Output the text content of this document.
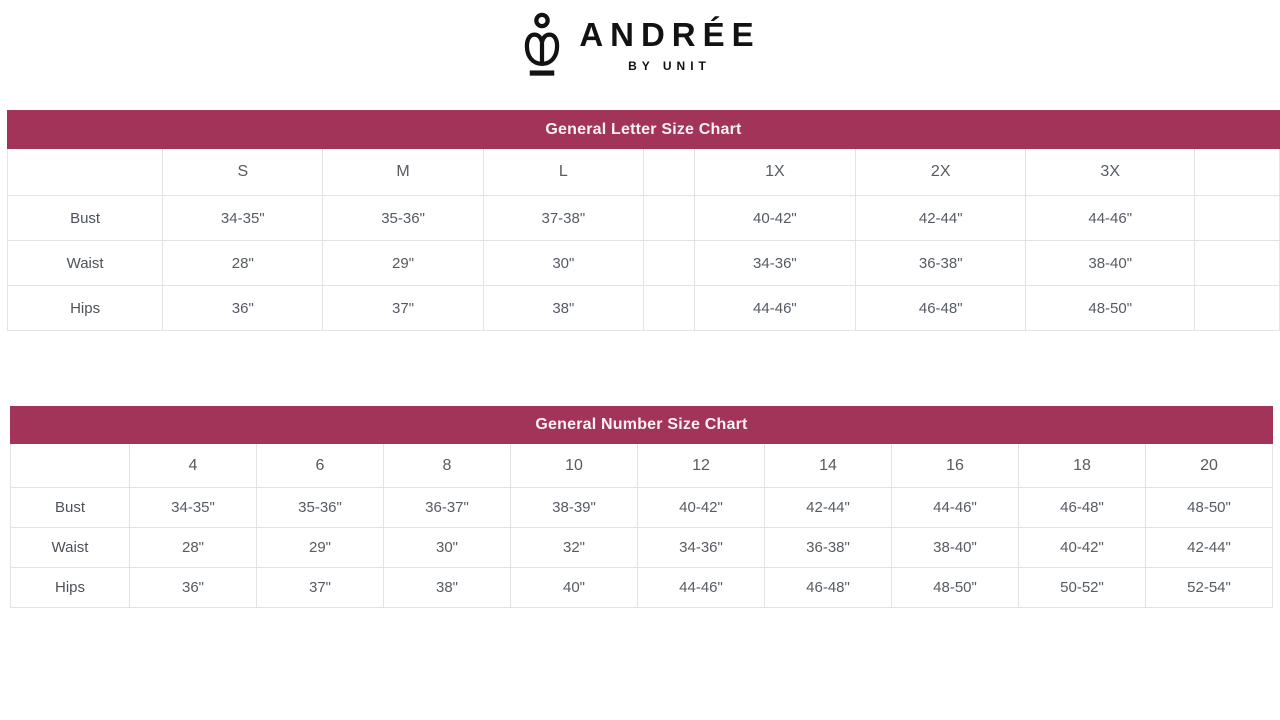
ANDRÉE
BY UNIT
General Letter Size Chart								
	S	M	L		1X	2X	3X	
Bust	34-35"	35-36"	37-38"		40-42"	42-44"	44-46"	
Waist	28"	29"	30"		34-36"	36-38"	38-40"	
Hips	36"	37"	38"		44-46"	46-48"	48-50"	
General Number Size Chart									
	4	6	8	10	12	14	16	18	20
Bust	34-35"	35-36"	36-37"	38-39"	40-42"	42-44"	44-46"	46-48"	48-50"
Waist	28"	29"	30"	32"	34-36"	36-38"	38-40"	40-42"	42-44"
Hips	36"	37"	38"	40"	44-46"	46-48"	48-50"	50-52"	52-54"
